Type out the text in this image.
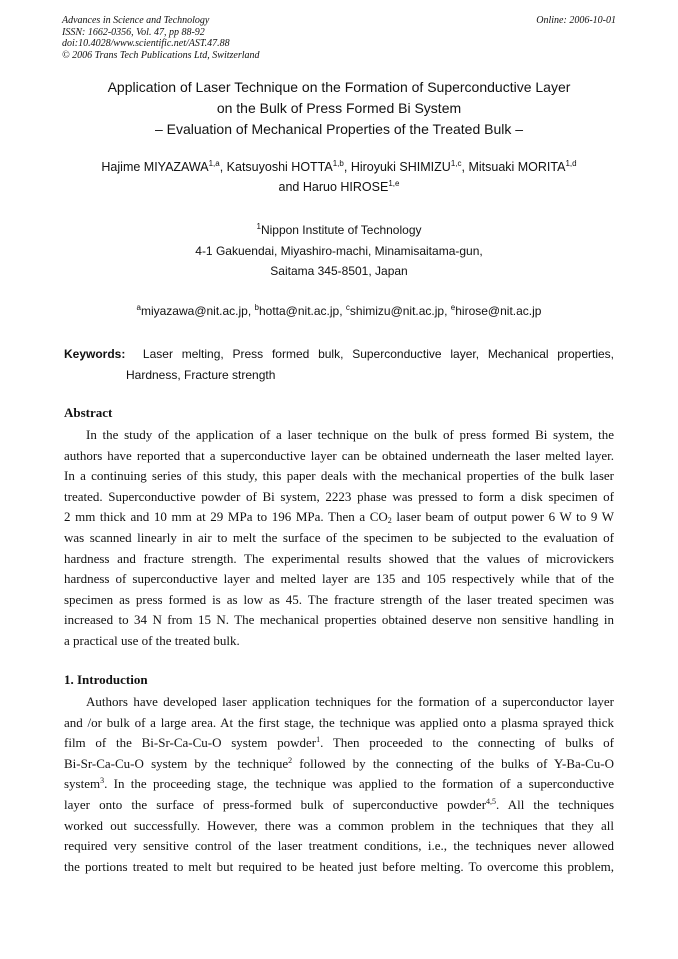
Advances in Science and Technology
ISSN: 1662-0356, Vol. 47, pp 88-92
doi:10.4028/www.scientific.net/AST.47.88
© 2006 Trans Tech Publications Ltd, Switzerland
Online: 2006-10-01
Application of Laser Technique on the Formation of Superconductive Layer
on the Bulk of Press Formed Bi System
– Evaluation of Mechanical Properties of the Treated Bulk –
Hajime MIYAZAWA$^{1,a}$, Katsuyoshi HOTTA$^{1,b}$, Hiroyuki SHIMIZU$^{1,c}$, Mitsuaki MORITA$^{1,d}$
and Haruo HIROSE$^{1,e}$
$^1$Nippon Institute of Technology
4-1 Gakuendai, Miyashiro-machi, Minamisaitama-gun,
Saitama 345-8501, Japan
$^a$miyazawa@nit.ac.jp, $^b$hotta@nit.ac.jp, $^c$shimizu@nit.ac.jp, $^e$hirose@nit.ac.jp
Keywords: Laser melting, Press formed bulk, Superconductive layer, Mechanical properties,
Hardness, Fracture strength
Abstract
In the study of the application of a laser technique on the bulk of press formed Bi system, the
authors have reported that a superconductive layer can be obtained underneath the laser melted layer.
In a continuing series of this study, this paper deals with the mechanical properties of the bulk laser
treated. Superconductive powder of Bi system, 2223 phase was pressed to form a disk specimen of
2 mm thick and 10 mm at 29 MPa to 196 MPa. Then a $CO_2$ laser beam of output power 6 W to 9 W
was scanned linearly in air to melt the surface of the specimen to be subjected to the evaluation of
hardness and fracture strength. The experimental results showed that the values of microvickers
hardness of superconductive layer and melted layer are 135 and 105 respectively while that of the
specimen as press formed is as low as 45. The fracture strength of the laser treated specimen was
increased to 34 N from 15 N. The mechanical properties obtained deserve non sensitive handling in
a practical use of the treated bulk.
1. Introduction
Authors have developed laser application techniques for the formation of a superconductor layer
and /or bulk of a large area. At the first stage, the technique was applied onto a plasma sprayed thick
film of the Bi-Sr-Ca-Cu-O system powder$^1$. Then proceeded to the connecting of bulks of
Bi-Sr-Ca-Cu-O system by the technique$^2$ followed by the connecting of the bulks of Y-Ba-Cu-O
system$^3$. In the proceeding stage, the technique was applied to the formation of a superconductive
layer onto the surface of press-formed bulk of superconductive powder$^{4,5}$. All the techniques
worked out successfully. However, there was a common problem in the techniques that they all
required very sensitive control of the laser treatment conditions, i.e., the techniques never allowed
the portions treated to melt but required to be heated just before melting. To overcome this problem,
